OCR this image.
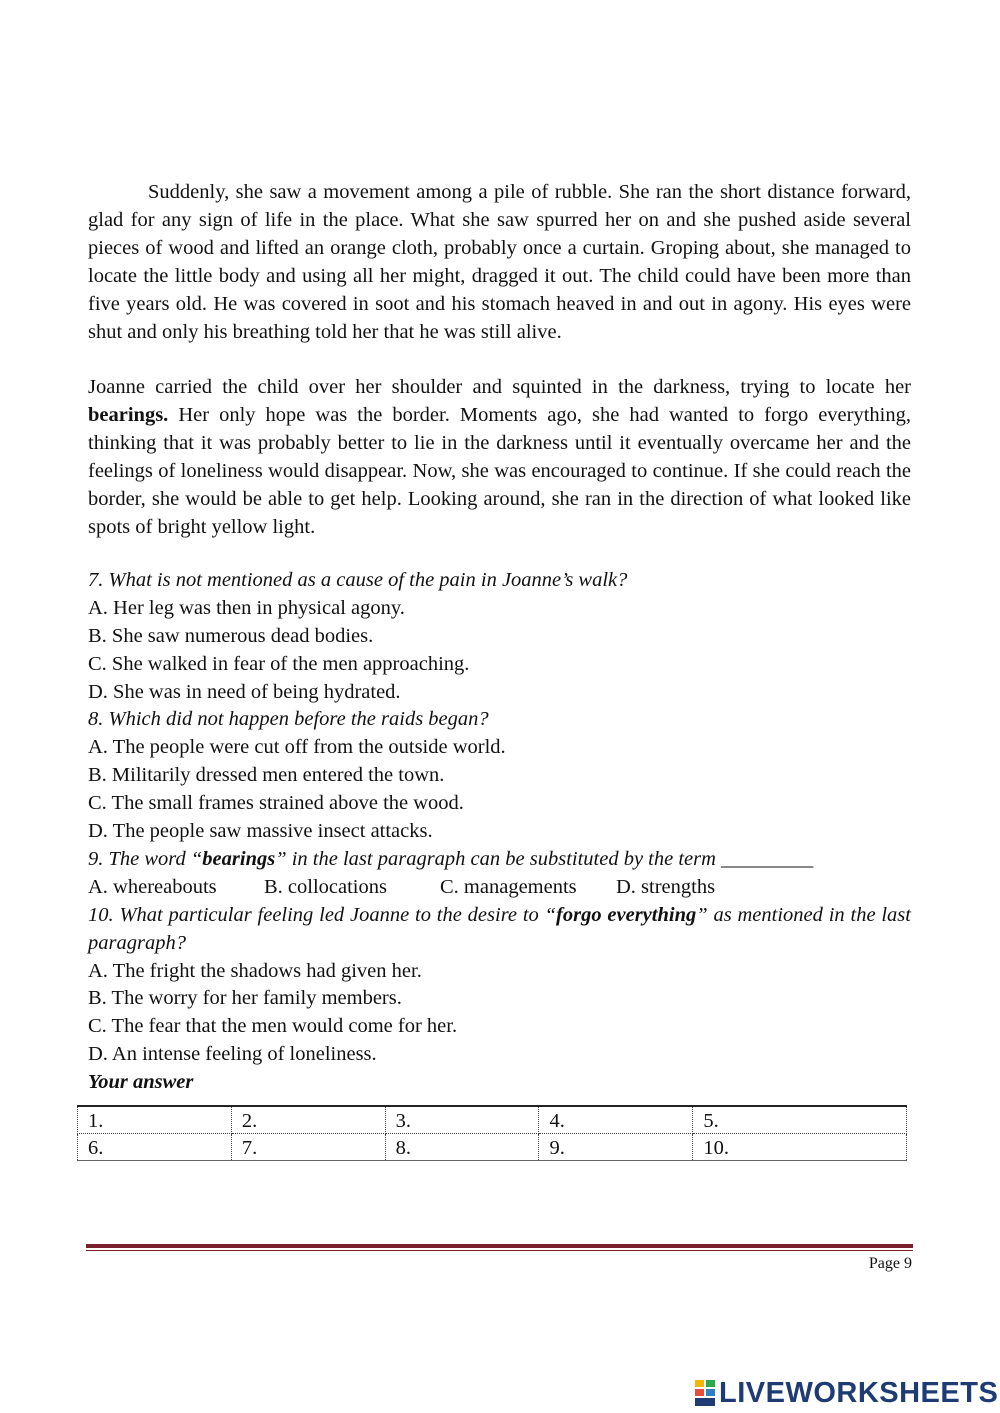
Suddenly, she saw a movement among a pile of rubble. She ran the short distance forward, glad for any sign of life in the place. What she saw spurred her on and she pushed aside several pieces of wood and lifted an orange cloth, probably once a curtain. Groping about, she managed to locate the little body and using all her might, dragged it out. The child could have been more than five years old. He was covered in soot and his stomach heaved in and out in agony. His eyes were shut and only his breathing told her that he was still alive.

Joanne carried the child over her shoulder and squinted in the darkness, trying to locate her bearings. Her only hope was the border. Moments ago, she had wanted to forgo everything, thinking that it was probably better to lie in the darkness until it eventually overcame her and the feelings of loneliness would disappear. Now, she was encouraged to continue. If she could reach the border, she would be able to get help. Looking around, she ran in the direction of what looked like spots of bright yellow light.

7. What is not mentioned as a cause of the pain in Joanne’s walk?
A. Her leg was then in physical agony.
B. She saw numerous dead bodies.
C. She walked in fear of the men approaching.
D. She was in need of being hydrated.
8. Which did not happen before the raids began?
A. The people were cut off from the outside world.
B. Militarily dressed men entered the town.
C. The small frames strained above the wood.
D. The people saw massive insect attacks.
9. The word “bearings” in the last paragraph can be substituted by the term _________
A. whereabouts B. collocations	C. managements D. strengths
10. What particular feeling led Joanne to the desire to “forgo everything” as mentioned in the last paragraph?
A. The fright the shadows had given her.
B. The worry for her family members.
C. The fear that the men would come for her.
D. An intense feeling of loneliness.
Your answer
1.	2.	3.	4.	5.
6.	7.	8.	9.	10.
Page 9
LIVEWORKSHEETS
